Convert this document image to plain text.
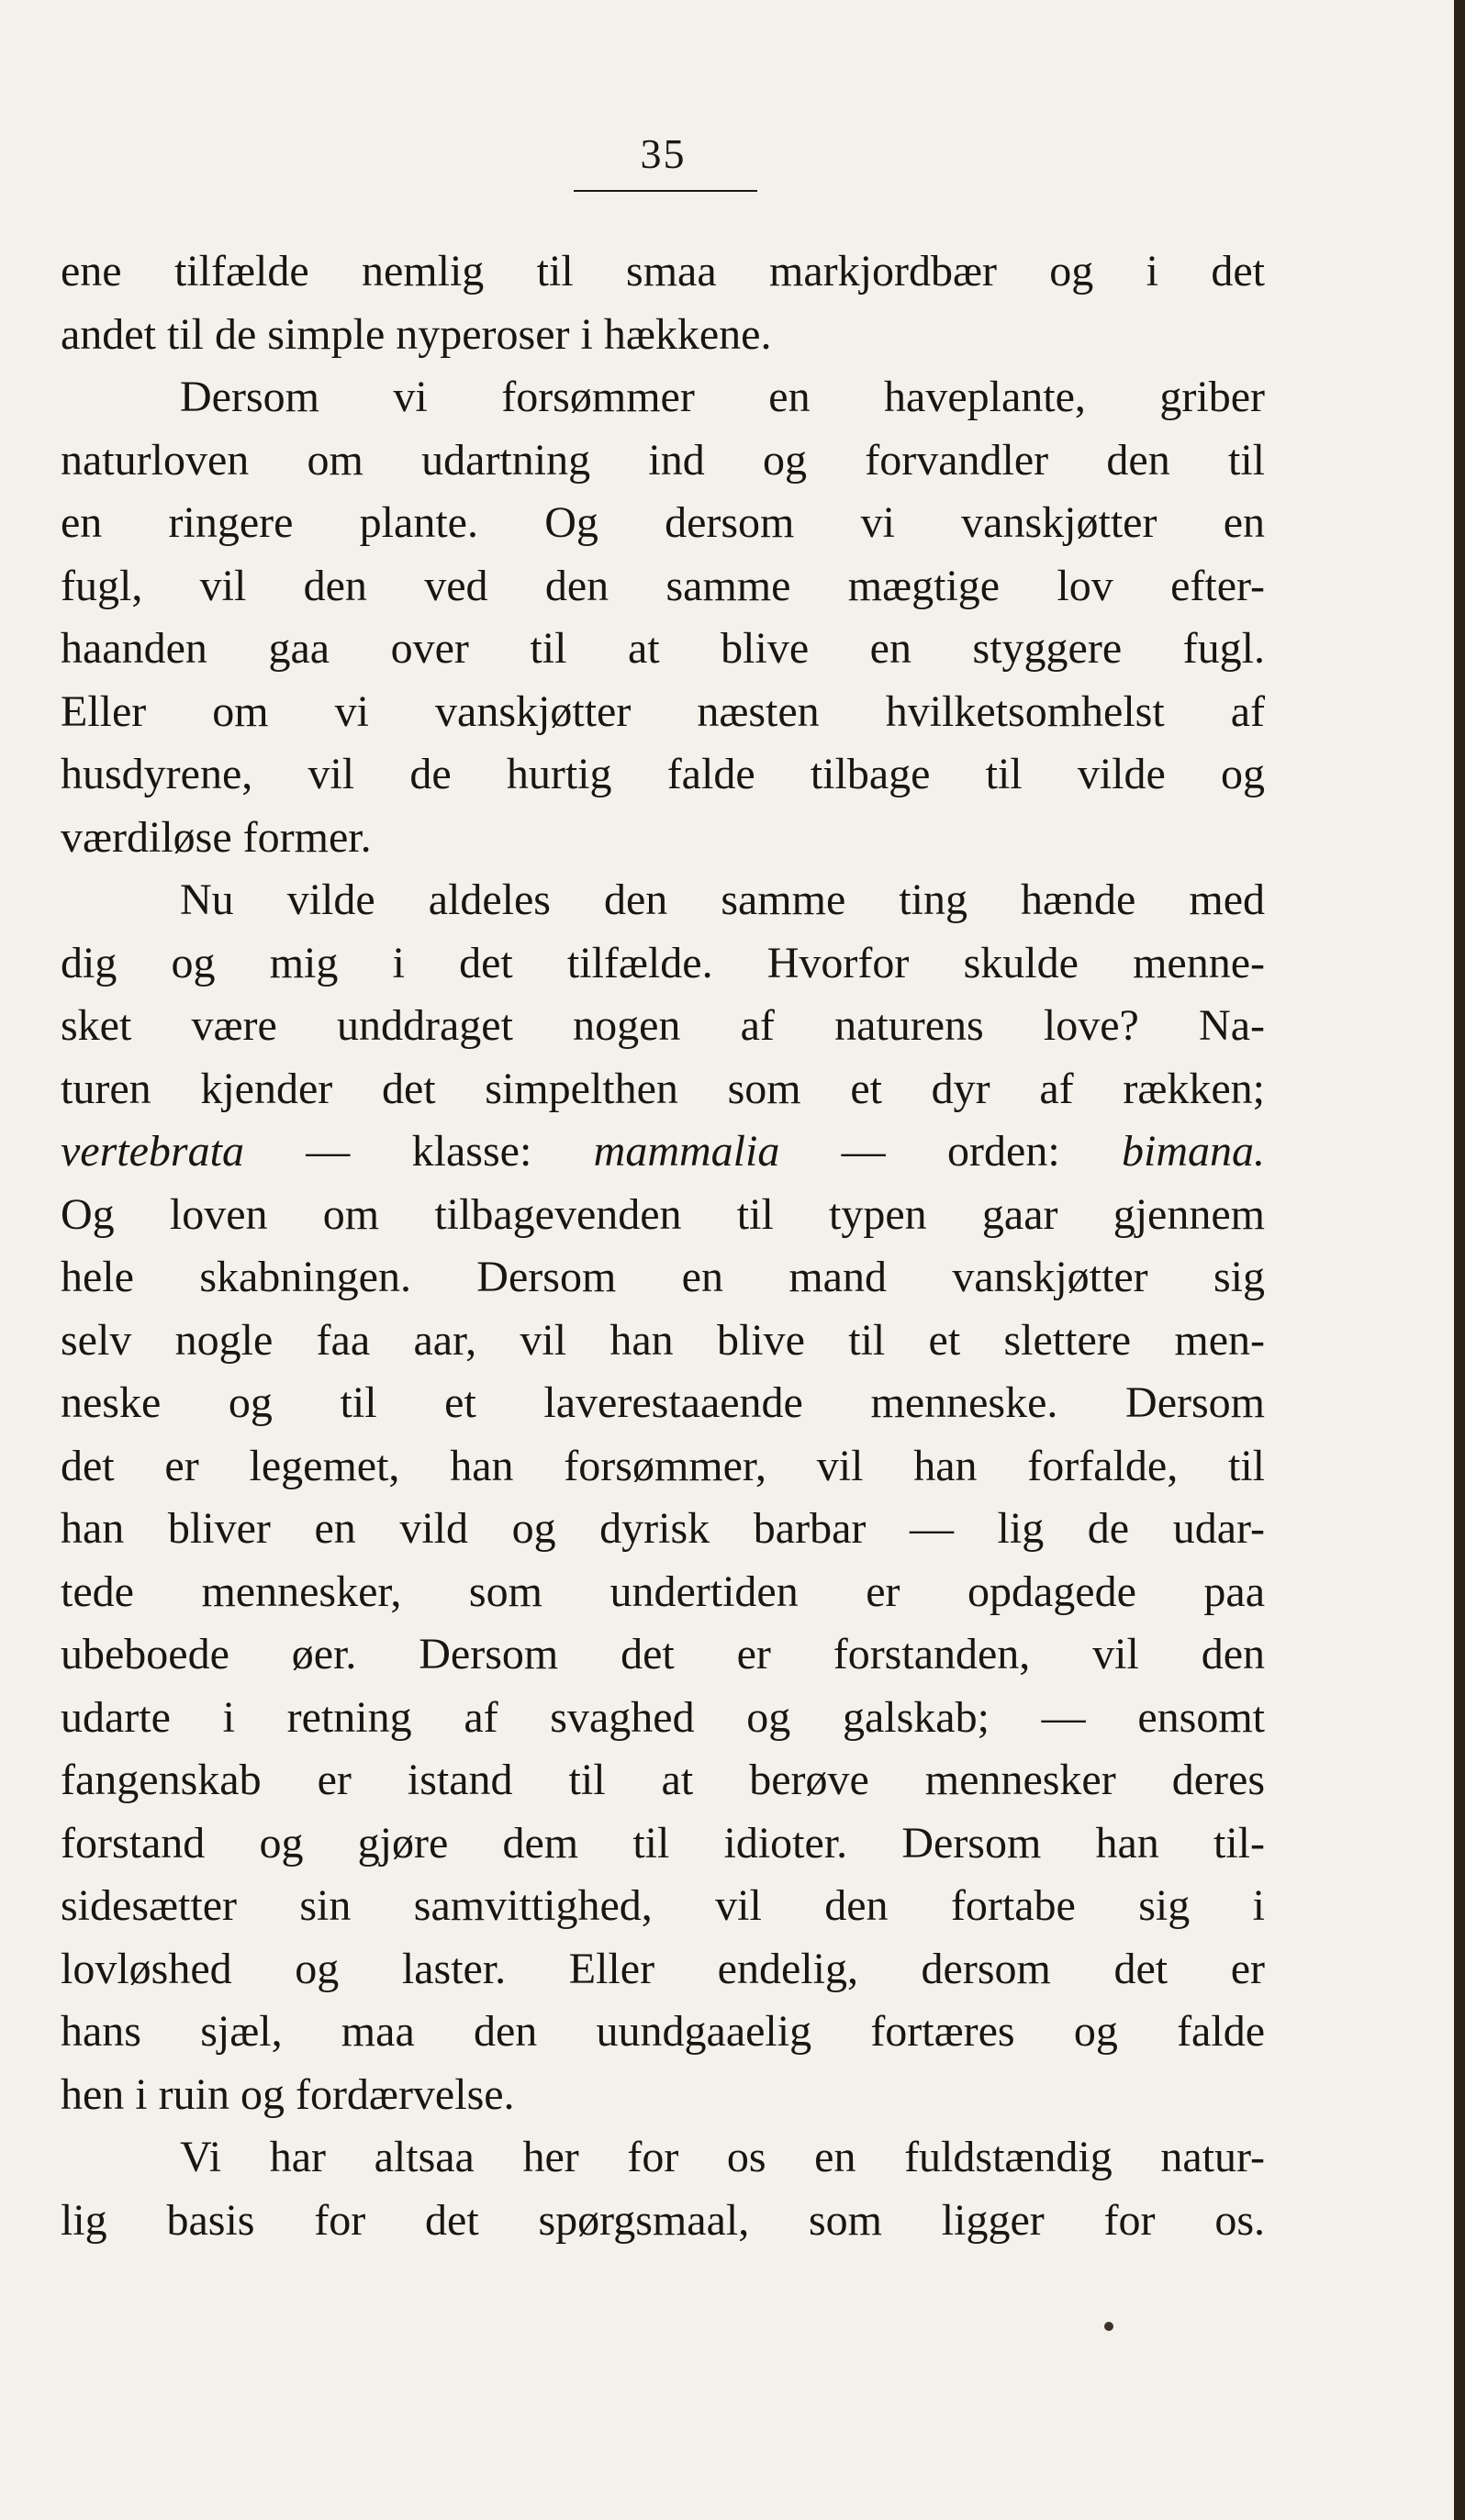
35
ene tilfælde nemlig til smaa markjordbær og i det
andet til de simple nyperoser i hækkene.
Dersom vi forsømmer en haveplante, griber
naturloven om udartning ind og forvandler den til
en ringere plante. Og dersom vi vanskjøtter en
fugl, vil den ved den samme mægtige lov efter-
haanden gaa over til at blive en styggere fugl.
Eller om vi vanskjøtter næsten hvilketsomhelst af
husdyrene, vil de hurtig falde tilbage til vilde og
værdiløse former.
Nu vilde aldeles den samme ting hænde med
dig og mig i det tilfælde. Hvorfor skulde menne-
sket være unddraget nogen af naturens love? Na-
turen kjender det simpelthen som et dyr af rækken;
vertebrata — klasse: mammalia — orden: bimana.
Og loven om tilbagevenden til typen gaar gjennem
hele skabningen. Dersom en mand vanskjøtter sig
selv nogle faa aar, vil han blive til et slettere men-
neske og til et laverestaaende menneske. Dersom
det er legemet, han forsømmer, vil han forfalde, til
han bliver en vild og dyrisk barbar — lig de udar-
tede mennesker, som undertiden er opdagede paa
ubeboede øer. Dersom det er forstanden, vil den
udarte i retning af svaghed og galskab; — ensomt
fangenskab er istand til at berøve mennesker deres
forstand og gjøre dem til idioter. Dersom han til-
sidesætter sin samvittighed, vil den fortabe sig i
lovløshed og laster. Eller endelig, dersom det er
hans sjæl, maa den uundgaaelig fortæres og falde
hen i ruin og fordærvelse.
Vi har altsaa her for os en fuldstændig natur-
lig basis for det spørgsmaal, som ligger for os.
